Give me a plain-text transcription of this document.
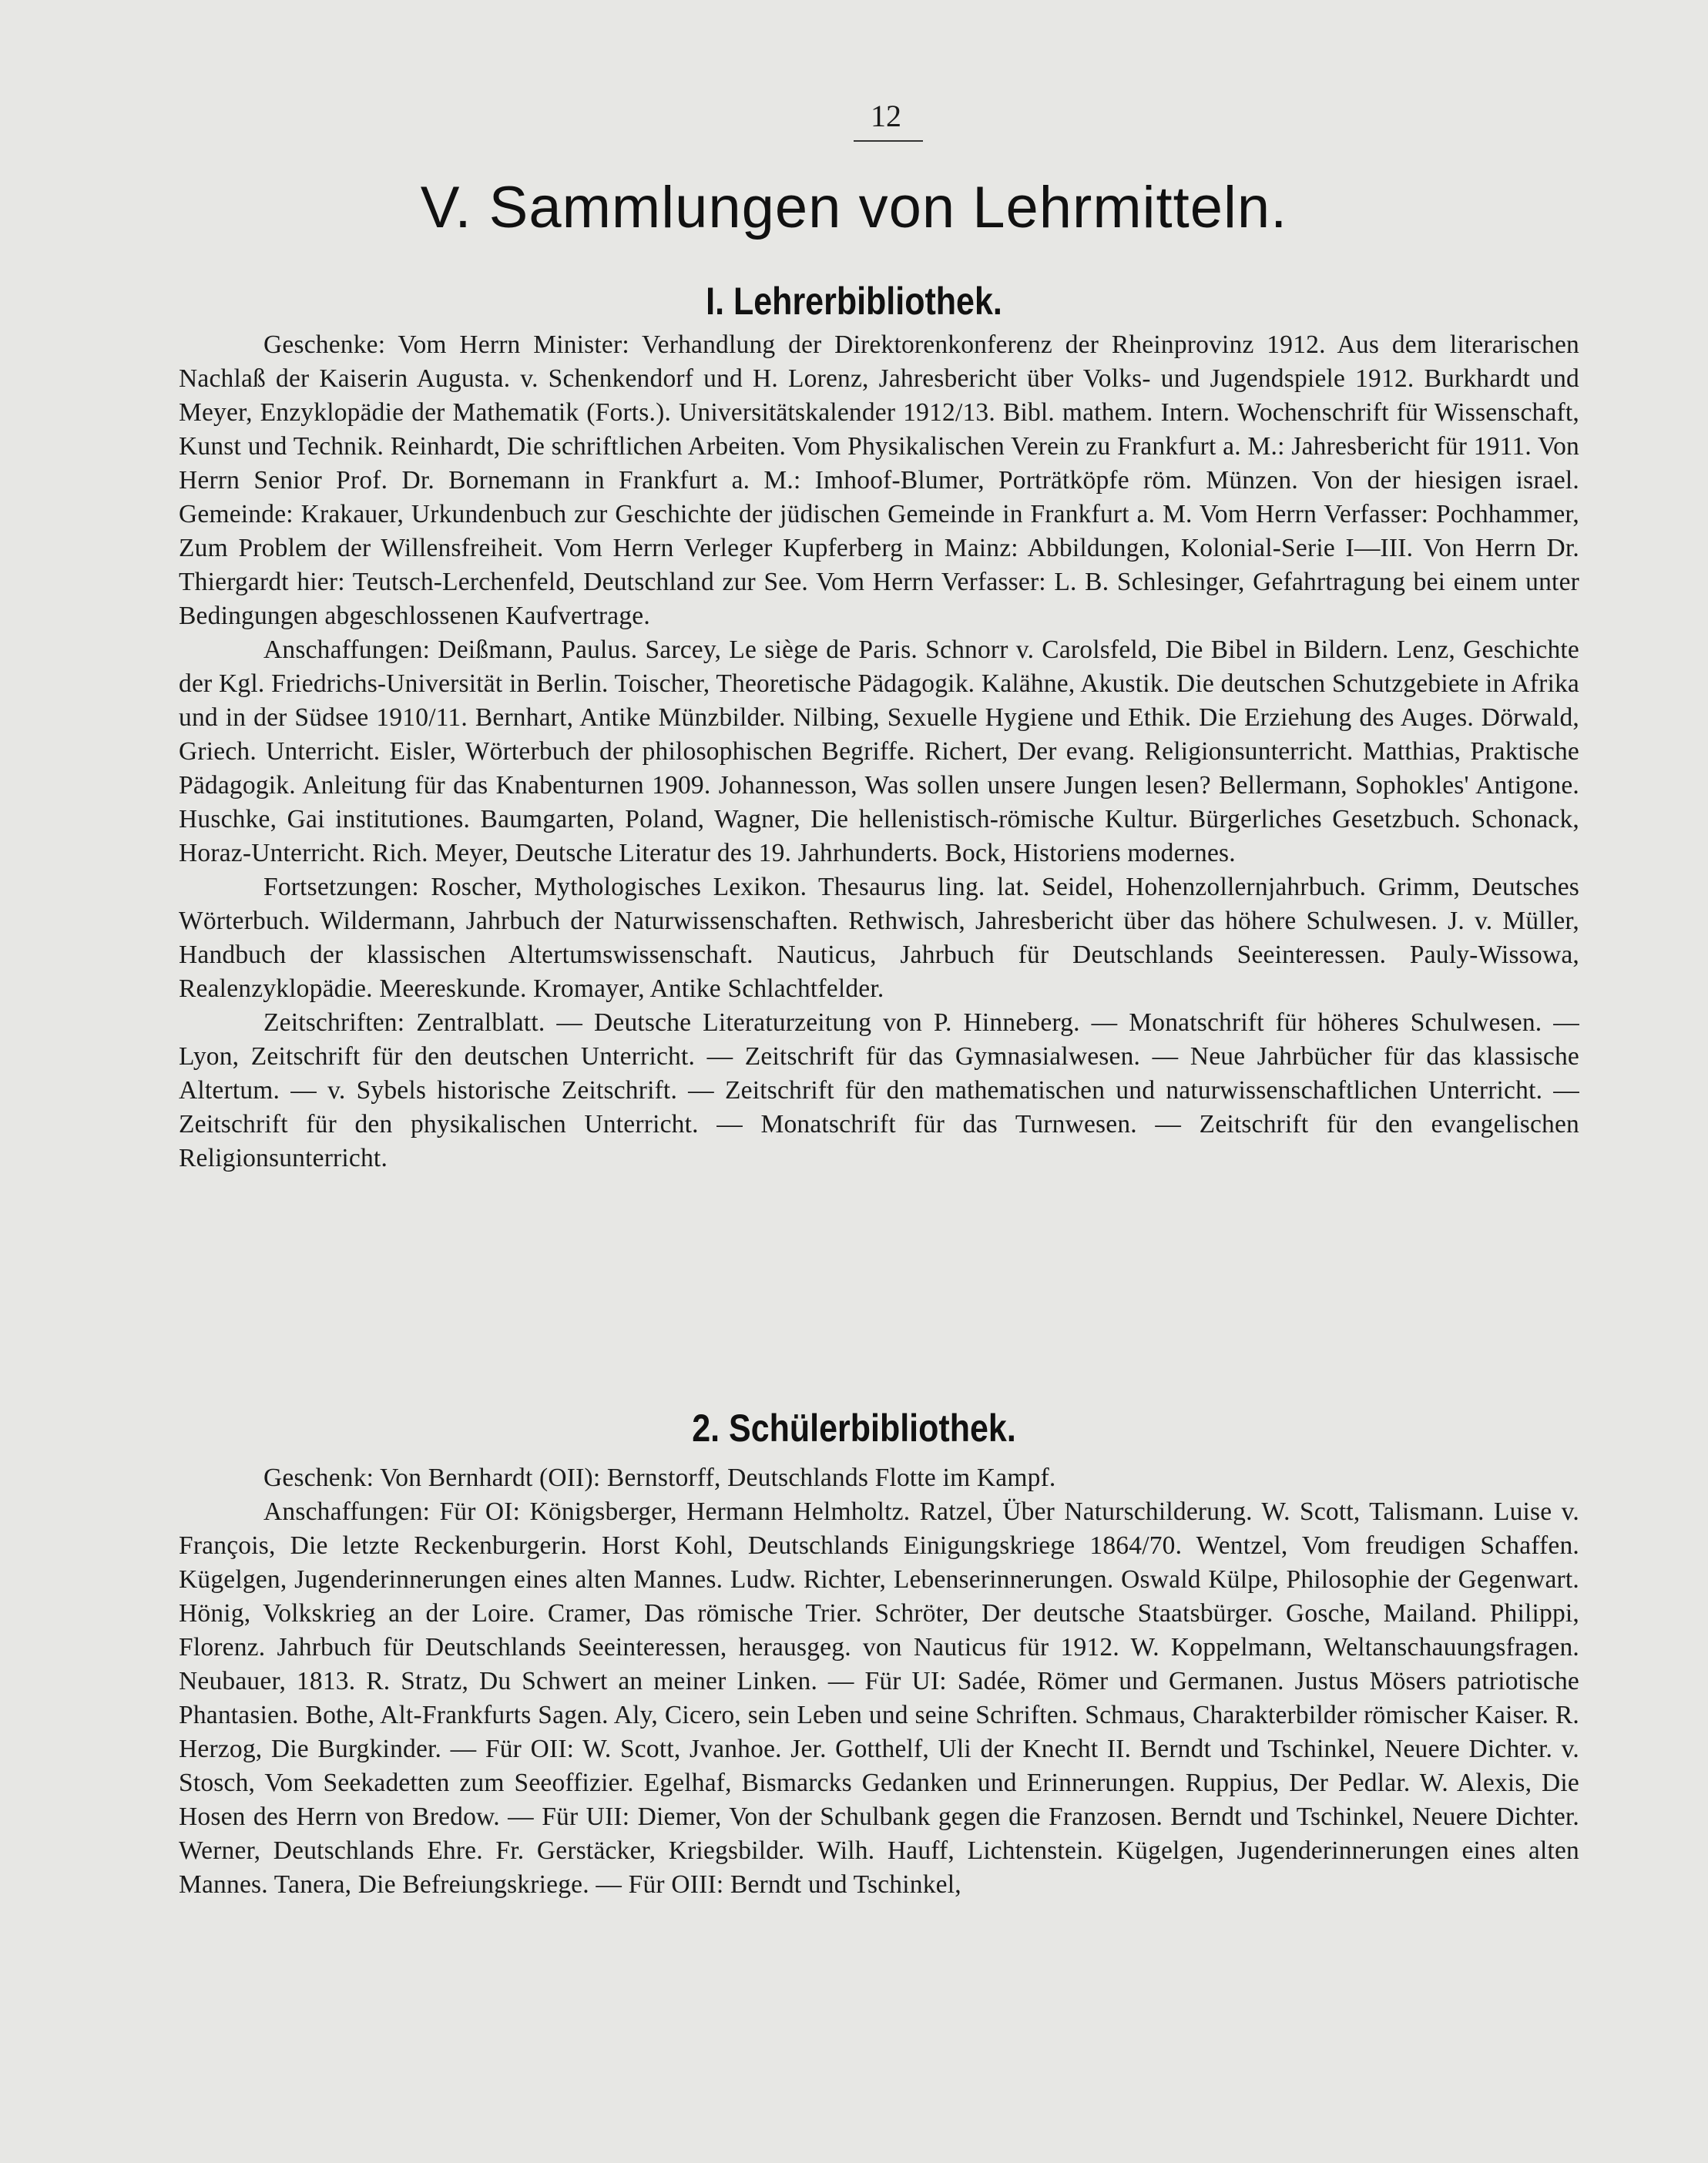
12
V. Sammlungen von Lehrmitteln.
I. Lehrerbibliothek.

Geschenke: Vom Herrn Minister: Verhandlung der Direktorenkonferenz der Rheinprovinz 1912. Aus dem literarischen Nachlaß der Kaiserin Augusta. v. Schenkendorf und H. Lorenz, Jahresbericht über Volks- und Jugendspiele 1912. Burkhardt und Meyer, Enzyklopädie der Mathematik (Forts.). Universitätskalender 1912/13. Bibl. mathem. Intern. Wochenschrift für Wissenschaft, Kunst und Technik. Reinhardt, Die schriftlichen Arbeiten. Vom Physikalischen Verein zu Frankfurt a. M.: Jahresbericht für 1911. Von Herrn Senior Prof. Dr. Bornemann in Frankfurt a. M.: Imhoof-Blumer, Porträtköpfe röm. Münzen. Von der hiesigen israel. Gemeinde: Krakauer, Urkundenbuch zur Geschichte der jüdischen Gemeinde in Frankfurt a. M. Vom Herrn Verfasser: Pochhammer, Zum Problem der Willensfreiheit. Vom Herrn Verleger Kupferberg in Mainz: Abbildungen, Kolonial-Serie I—III. Von Herrn Dr. Thiergardt hier: Teutsch-Lerchenfeld, Deutschland zur See. Vom Herrn Verfasser: L. B. Schlesinger, Gefahrtragung bei einem unter Bedingungen abgeschlossenen Kaufvertrage.

Anschaffungen: Deißmann, Paulus. Sarcey, Le siège de Paris. Schnorr v. Carolsfeld, Die Bibel in Bildern. Lenz, Geschichte der Kgl. Friedrichs-Universität in Berlin. Toischer, Theoretische Pädagogik. Kalähne, Akustik. Die deutschen Schutzgebiete in Afrika und in der Südsee 1910/11. Bernhart, Antike Münzbilder. Nilbing, Sexuelle Hygiene und Ethik. Die Erziehung des Auges. Dörwald, Griech. Unterricht. Eisler, Wörterbuch der philosophischen Begriffe. Richert, Der evang. Religionsunterricht. Matthias, Praktische Pädagogik. Anleitung für das Knabenturnen 1909. Johannesson, Was sollen unsere Jungen lesen? Bellermann, Sophokles' Antigone. Huschke, Gai institutiones. Baumgarten, Poland, Wagner, Die hellenistisch-römische Kultur. Bürgerliches Gesetzbuch. Schonack, Horaz-Unterricht. Rich. Meyer, Deutsche Literatur des 19. Jahrhunderts. Bock, Historiens modernes.

Fortsetzungen: Roscher, Mythologisches Lexikon. Thesaurus ling. lat. Seidel, Hohenzollernjahrbuch. Grimm, Deutsches Wörterbuch. Wildermann, Jahrbuch der Naturwissenschaften. Rethwisch, Jahresbericht über das höhere Schulwesen. J. v. Müller, Handbuch der klassischen Altertumswissenschaft. Nauticus, Jahrbuch für Deutschlands Seeinteressen. Pauly-Wissowa, Realenzyklopädie. Meereskunde. Kromayer, Antike Schlachtfelder.

Zeitschriften: Zentralblatt. — Deutsche Literaturzeitung von P. Hinneberg. — Monatschrift für höheres Schulwesen. — Lyon, Zeitschrift für den deutschen Unterricht. — Zeitschrift für das Gymnasialwesen. — Neue Jahrbücher für das klassische Altertum. — v. Sybels historische Zeitschrift. — Zeitschrift für den mathematischen und naturwissenschaftlichen Unterricht. — Zeitschrift für den physikalischen Unterricht. — Monatschrift für das Turnwesen. — Zeitschrift für den evangelischen Religionsunterricht.

2. Schülerbibliothek.

Geschenk: Von Bernhardt (OII): Bernstorff, Deutschlands Flotte im Kampf.

Anschaffungen: Für OI: Königsberger, Hermann Helmholtz. Ratzel, Über Naturschilderung. W. Scott, Talismann. Luise v. François, Die letzte Reckenburgerin. Horst Kohl, Deutschlands Einigungskriege 1864/70. Wentzel, Vom freudigen Schaffen. Kügelgen, Jugenderinnerungen eines alten Mannes. Ludw. Richter, Lebenserinnerungen. Oswald Külpe, Philosophie der Gegenwart. Hönig, Volkskrieg an der Loire. Cramer, Das römische Trier. Schröter, Der deutsche Staatsbürger. Gosche, Mailand. Philippi, Florenz. Jahrbuch für Deutschlands Seeinteressen, herausgeg. von Nauticus für 1912. W. Koppelmann, Weltanschauungsfragen. Neubauer, 1813. R. Stratz, Du Schwert an meiner Linken. — Für UI: Sadée, Römer und Germanen. Justus Mösers patriotische Phantasien. Bothe, Alt-Frankfurts Sagen. Aly, Cicero, sein Leben und seine Schriften. Schmaus, Charakterbilder römischer Kaiser. R. Herzog, Die Burgkinder. — Für OII: W. Scott, Jvanhoe. Jer. Gotthelf, Uli der Knecht II. Berndt und Tschinkel, Neuere Dichter. v. Stosch, Vom Seekadetten zum Seeoffizier. Egelhaf, Bismarcks Gedanken und Erinnerungen. Ruppius, Der Pedlar. W. Alexis, Die Hosen des Herrn von Bredow. — Für UII: Diemer, Von der Schulbank gegen die Franzosen. Berndt und Tschinkel, Neuere Dichter. Werner, Deutschlands Ehre. Fr. Gerstäcker, Kriegsbilder. Wilh. Hauff, Lichtenstein. Kügelgen, Jugenderinnerungen eines alten Mannes. Tanera, Die Befreiungskriege. — Für OIII: Berndt und Tschinkel,
